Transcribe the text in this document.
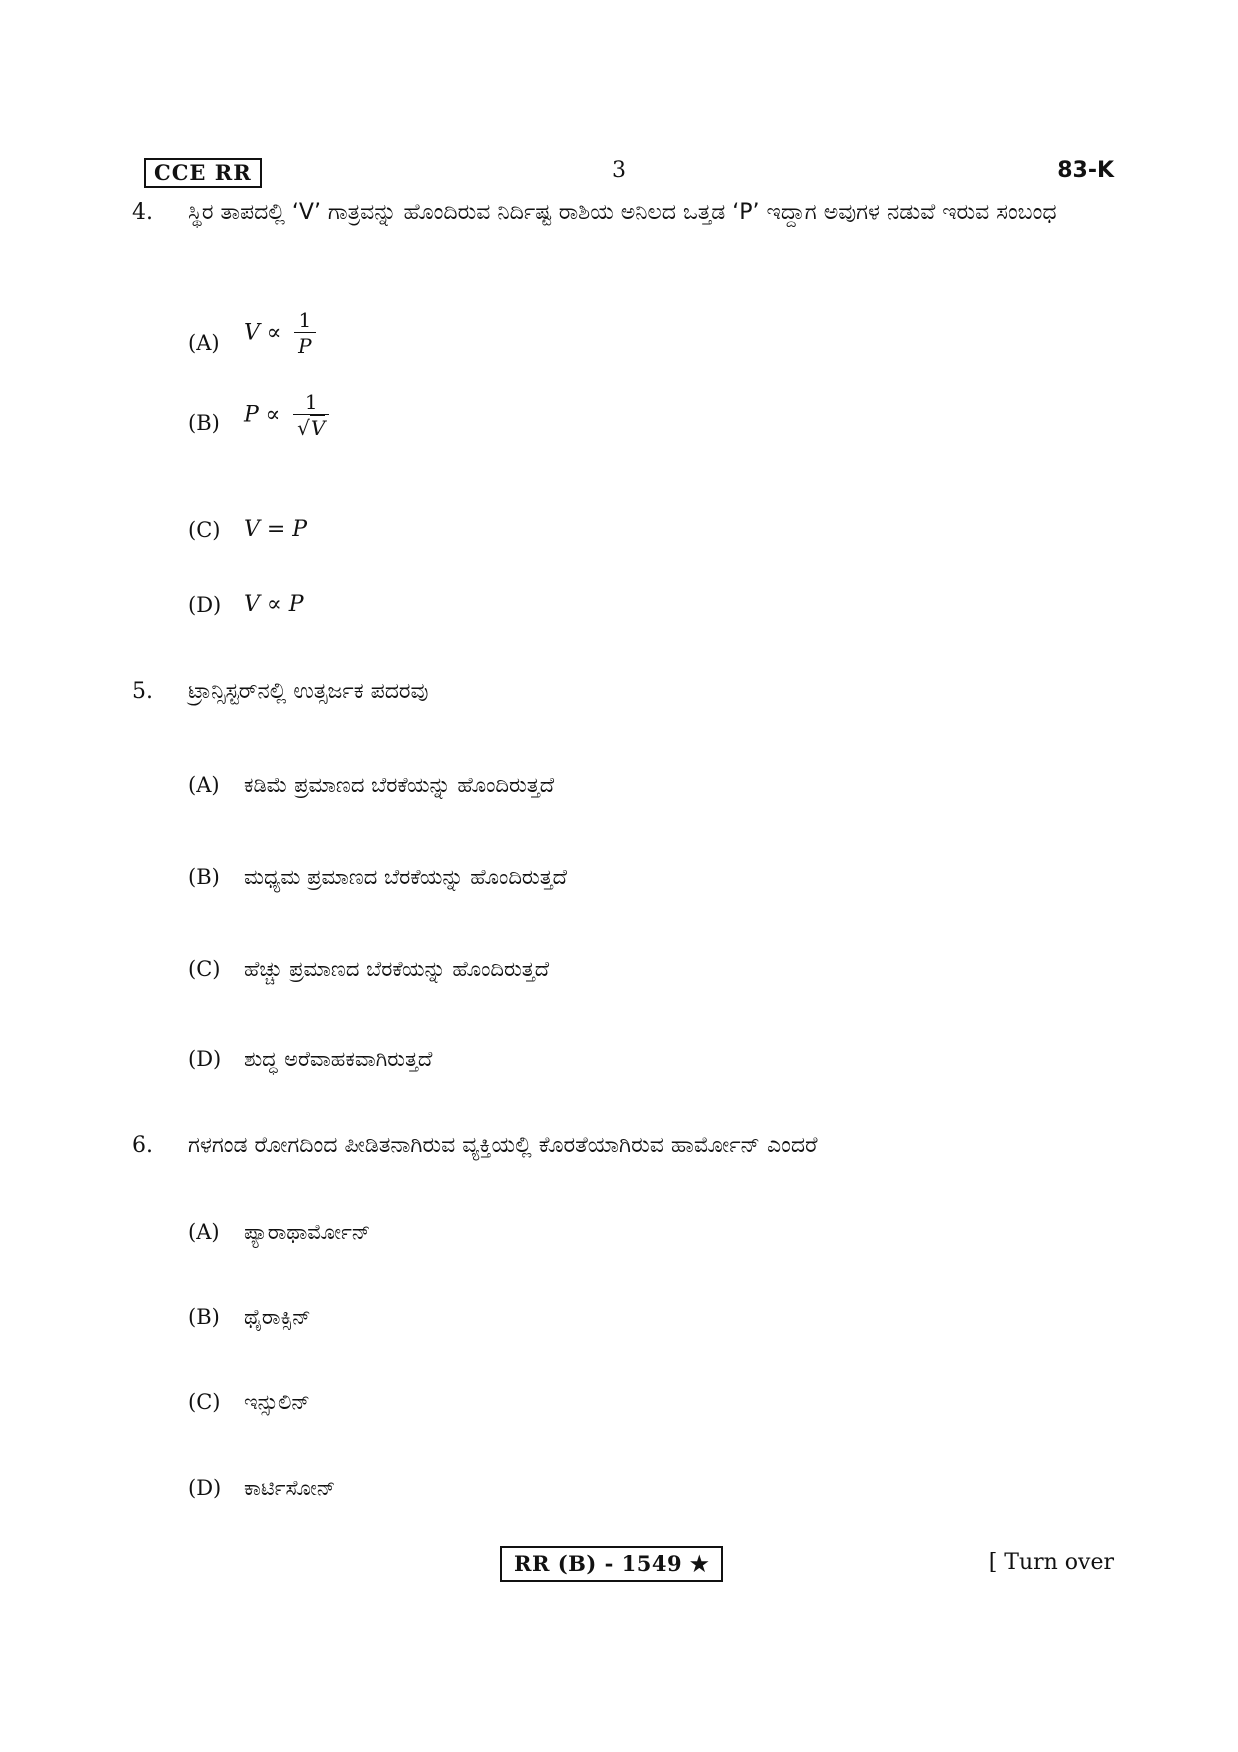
CCE RR	3	83-K
4. ಸ್ಥಿರ ತಾಪದಲ್ಲಿ ‘V’ ಗಾತ್ರವನ್ನು ಹೊಂದಿರುವ ನಿರ್ದಿಷ್ಟ ರಾಶಿಯ ಅನಿಲದ ಒತ್ತಡ ‘P’ ಇದ್ದಾಗ ಅವುಗಳ ನಡುವೆ ಇರುವ ಸಂಬಂಧ
(A) $V \propto \frac{1}{P}$
(B) $P \propto \frac{1}{√V}$
(C) V = P
(D) V ∝ P
5. ಟ್ರಾನ್ಸಿಸ್ಟರ್‌ನಲ್ಲಿ ಉತ್ಸರ್ಜಕ ಪದರವು
(A) ಕಡಿಮೆ ಪ್ರಮಾಣದ ಬೆರಕೆಯನ್ನು ಹೊಂದಿರುತ್ತದೆ
(B) ಮಧ್ಯಮ ಪ್ರಮಾಣದ ಬೆರಕೆಯನ್ನು ಹೊಂದಿರುತ್ತದೆ
(C) ಹೆಚ್ಚು ಪ್ರಮಾಣದ ಬೆರಕೆಯನ್ನು ಹೊಂದಿರುತ್ತದೆ
(D) ಶುದ್ಧ ಅರೆವಾಹಕವಾಗಿರುತ್ತದೆ
6. ಗಳಗಂಡ ರೋಗದಿಂದ ಪೀಡಿತನಾಗಿರುವ ವ್ಯಕ್ತಿಯಲ್ಲಿ ಕೊರತೆಯಾಗಿರುವ ಹಾರ್ಮೋನ್ ಎಂದರೆ
(A) ಪ್ಯಾರಾಥಾರ್ಮೋನ್
(B) ಥೈರಾಕ್ಸಿನ್
(C) ಇನ್ಸುಲಿನ್
(D) ಕಾರ್ಟಿಸೋನ್
RR (B) - 1549 ★	[ Turn over
